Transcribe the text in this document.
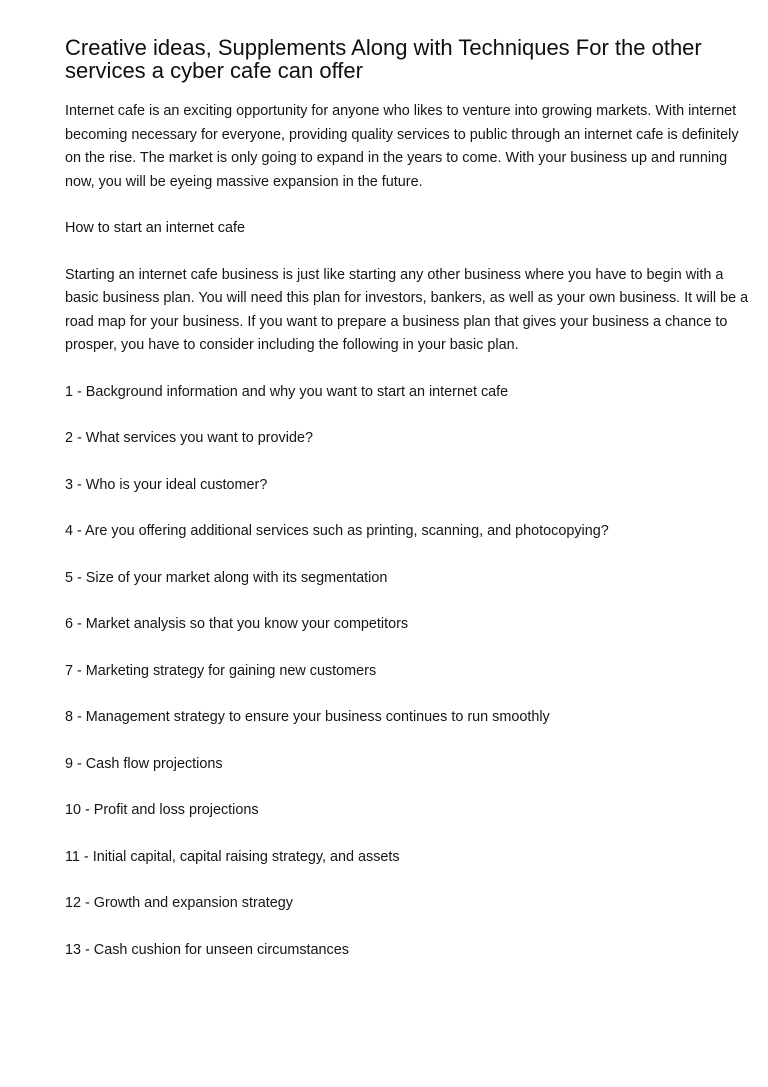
Creative ideas, Supplements Along with Techniques For the other services a cyber cafe can offer

Internet cafe is an exciting opportunity for anyone who likes to venture into growing markets. With internet becoming necessary for everyone, providing quality services to public through an internet cafe is definitely on the rise. The market is only going to expand in the years to come. With your business up and running now, you will be eyeing massive expansion in the future.

How to start an internet cafe

Starting an internet cafe business is just like starting any other business where you have to begin with a basic business plan. You will need this plan for investors, bankers, as well as your own business. It will be a road map for your business. If you want to prepare a business plan that gives your business a chance to prosper, you have to consider including the following in your basic plan.

1 - Background information and why you want to start an internet cafe
2 - What services you want to provide?
3 - Who is your ideal customer?
4 - Are you offering additional services such as printing, scanning, and photocopying?
5 - Size of your market along with its segmentation
6 - Market analysis so that you know your competitors
7 - Marketing strategy for gaining new customers
8 - Management strategy to ensure your business continues to run smoothly
9 - Cash flow projections
10 - Profit and loss projections
11 - Initial capital, capital raising strategy, and assets
12 - Growth and expansion strategy
13 - Cash cushion for unseen circumstances
